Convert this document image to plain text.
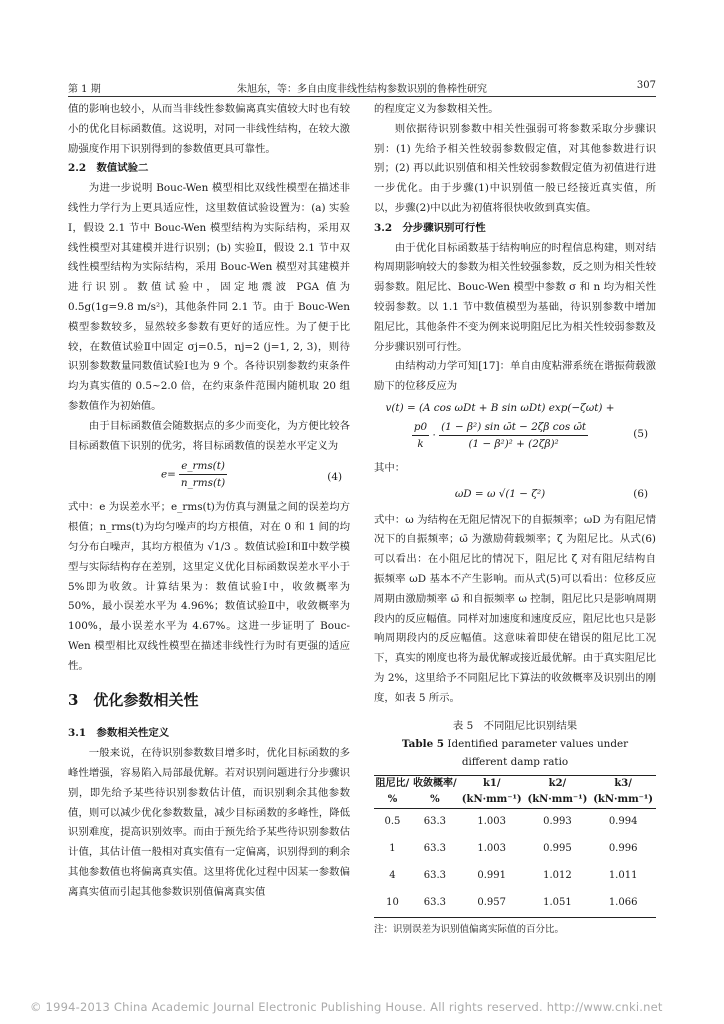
第 1 期	朱旭东，等：多自由度非线性结构参数识别的鲁棒性研究	307

值的影响也较小，从而当非线性参数偏离真实值较大时也有较小的优化目标函数值。这说明，对同一非线性结构，在较大激励强度作用下识别得到的参数值更具可靠性。

2.2　数值试验二

为进一步说明 Bouc-Wen 模型相比双线性模型在描述非线性力学行为上更具适应性，这里数值试验设置为：(a) 实验Ⅰ，假设 2.1 节中 Bouc-Wen 模型结构为实际结构，采用双线性模型对其建模并进行识别；(b) 实验Ⅱ，假设 2.1 节中双线性模型结构为实际结构，采用 Bouc-Wen 模型对其建模并进行识别。数值试验中，固定地震波 PGA 值为 0.5g(1g=9.8 m/s²)，其他条件同 2.1 节。由于 Bouc-Wen 模型参数较多，显然较多参数有更好的适应性。为了便于比较，在数值试验Ⅱ中固定 σj=0.5，nj=2 (j=1, 2, 3)，则待识别参数数量同数值试验Ⅰ也为 9 个。各待识别参数约束条件均为真实值的 0.5~2.0 倍，在约束条件范围内随机取 20 组参数值作为初始值。

由于目标函数值会随数据点的多少而变化，为方便比较各目标函数值下识别的优劣，将目标函数值的误差水平定义为

$e= \frac{\text{e\_rms(t)}}{\text{n\_rms(t)}}$	(4)

式中：e 为误差水平；e_rms(t)为仿真与测量之间的误差均方根值；n_rms(t)为均匀噪声的均方根值，对在 0 和 1 间的均匀分布白噪声，其均方根值为 √1/3 。数值试验Ⅰ和Ⅱ中数学模型与实际结构存在差别，这里定义优化目标函数误差水平小于 5%即为收敛。计算结果为：数值试验Ⅰ中，收敛概率为 50%，最小误差水平为 4.96%；数值试验Ⅱ中，收敛概率为 100%，最小误差水平为 4.67%。这进一步证明了 Bouc-Wen 模型相比双线性模型在描述非线性行为时有更强的适应性。

3　优化参数相关性

3.1　参数相关性定义

一般来说，在待识别参数数目增多时，优化目标函数的多峰性增强，容易陷入局部最优解。若对识别问题进行分步骤识别，即先给予某些待识别参数估计值，而识别剩余其他参数值，则可以减少优化参数数量，减少目标函数的多峰性，降低识别难度，提高识别效率。而由于预先给予某些待识别参数估计值，其估计值一般相对真实值有一定偏离，识别得到的剩余其他参数值也将偏离真实值。这里将优化过程中因某一参数偏离真实值而引起其他参数识别值偏离真实值

的程度定义为参数相关性。

则依据待识别参数中相关性强弱可将参数采取分步骤识别：(1) 先给予相关性较弱参数假定值，对其他参数进行识别；(2) 再以此识别值和相关性较弱参数假定值为初值进行进一步优化。由于步骤(1)中识别值一般已经接近真实值，所以，步骤(2)中以此为初值将很快收敛到真实值。

3.2　分步骤识别可行性

由于优化目标函数基于结构响应的时程信息构建，则对结构周期影响较大的参数为相关性较强参数，反之则为相关性较弱参数。阻尼比、Bouc-Wen 模型中参数 σ 和 n 均为相关性较弱参数。以 1.1 节中数值模型为基础，待识别参数中增加阻尼比，其他条件不变为例来说明阻尼比为相关性较弱参数及分步骤识别可行性。

由结构动力学可知[17]：单自由度粘滞系统在谐振荷载激励下的位移反应为

v(t) = (A cos ωDt + B sin ωDt) exp(−ζωt) +
$\frac{p0}{k} \cdot \frac{\text{(1 − β²) sin ω̄t − 2ζβ cos ω̄t}}{\text{(1 − β²)² + (2ζβ)²}}$	(5)

其中：

ωD = ω √(1 − ζ²)	(6)

式中：ω 为结构在无阻尼情况下的自振频率；ωD 为有阻尼情况下的自振频率；ω̄ 为激励荷载频率；ζ 为阻尼比。从式(6)可以看出：在小阻尼比的情况下，阻尼比 ζ 对有阻尼结构自振频率 ωD 基本不产生影响。而从式(5)可以看出：位移反应周期由激励频率 ω̄ 和自振频率 ω 控制，阻尼比只是影响周期段内的反应幅值。同样对加速度和速度反应，阻尼比也只是影响周期段内的反应幅值。这意味着即使在错误的阻尼比工况下，真实的刚度也将为最优解或接近最优解。由于真实阻尼比为 2%，这里给予不同阻尼比下算法的收敛概率及识别出的刚度，如表 5 所示。

表 5　不同阻尼比识别结果
Table 5 Identified parameter values under different damp ratio
阻尼比/	收敛概率/	k1/	k2/	k3/
%	%	(kN·mm⁻¹)	(kN·mm⁻¹)	(kN·mm⁻¹)
0.5	63.3	1.003	0.993	0.994
1	63.3	1.003	0.995	0.996
4	63.3	0.991	1.012	1.011
10	63.3	0.957	1.051	1.066
注：识别误差为识别值偏离实际值的百分比。
© 1994-2013 China Academic Journal Electronic Publishing House. All rights reserved. http://www.cnki.net
